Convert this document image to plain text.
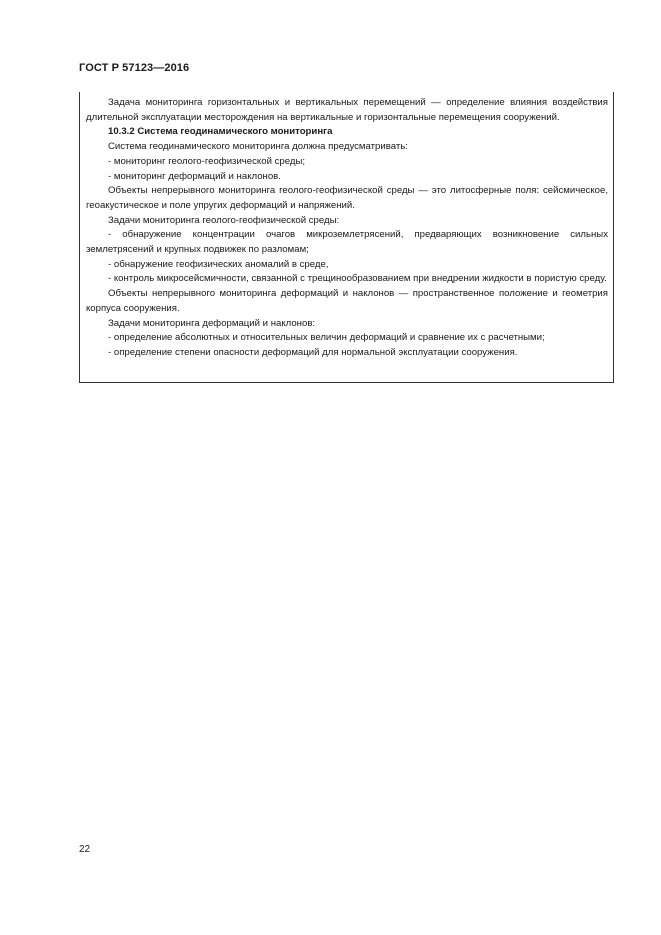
ГОСТ Р 57123—2016

Задача мониторинга горизонтальных и вертикальных перемещений — определение влияния воздействия длительной эксплуатации месторождения на вертикальные и горизонтальные перемещения сооружений.

10.3.2 Система геодинамического мониторинга

Система геодинамического мониторинга должна предусматривать:

- мониторинг геолого-геофизической среды;

- мониторинг деформаций и наклонов.

Объекты непрерывного мониторинга геолого-геофизической среды — это литосферные поля: сейсмическое, геоакустическое и поле упругих деформаций и напряжений.

Задачи мониторинга геолого-геофизической среды:

- обнаружение концентрации очагов микроземлетрясений, предваряющих возникновение сильных землетрясений и крупных подвижек по разломам;

- обнаружение геофизических аномалий в среде,

- контроль микросейсмичности, связанной с трещинообразованием при внедрении жидкости в пористую среду.

Объекты непрерывного мониторинга деформаций и наклонов — пространственное положение и геометрия корпуса сооружения.

Задачи мониторинга деформаций и наклонов:

- определение абсолютных и относительных величин деформаций и сравнение их с расчетными;

- определение степени опасности деформаций для нормальной эксплуатации сооружения.

22
